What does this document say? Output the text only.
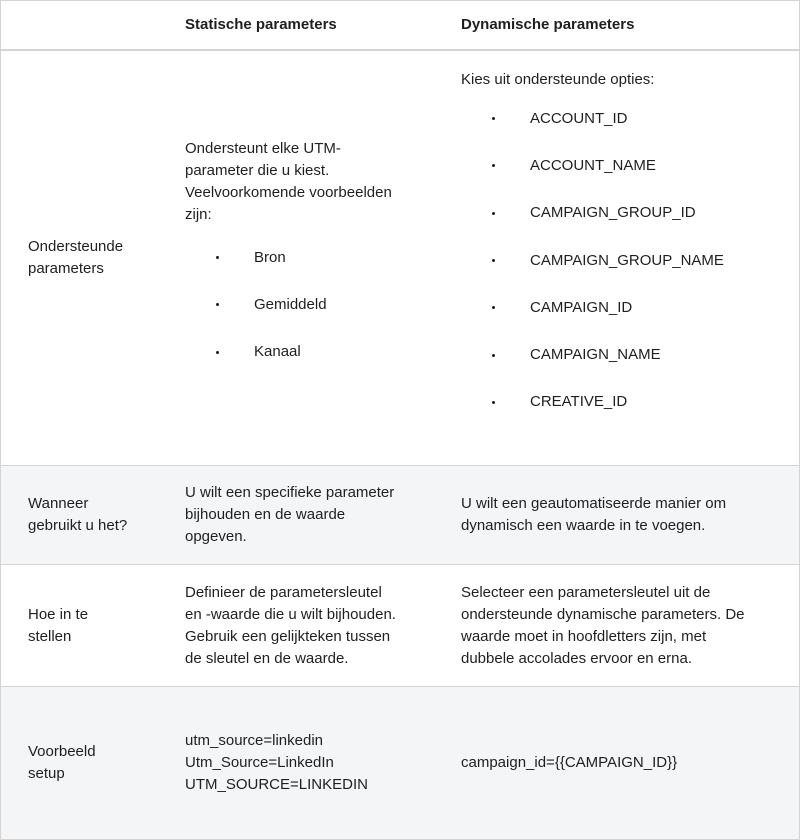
Statische parameters	Dynamische parameters
Ondersteunde
parameters
Ondersteunt elke UTM-
parameter die u kiest.
Veelvoorkomende voorbeelden
zijn:
Bron
Gemiddeld
Kanaal
Kies uit ondersteunde opties:
ACCOUNT_ID
ACCOUNT_NAME
CAMPAIGN_GROUP_ID
CAMPAIGN_GROUP_NAME
CAMPAIGN_ID
CAMPAIGN_NAME
CREATIVE_ID
Wanneer
gebruikt u het?
U wilt een specifieke parameter
bijhouden en de waarde
opgeven.
U wilt een geautomatiseerde manier om
dynamisch een waarde in te voegen.
Hoe in te
stellen
Definieer de parametersleutel
en -waarde die u wilt bijhouden.
Gebruik een gelijkteken tussen
de sleutel en de waarde.
Selecteer een parametersleutel uit de
ondersteunde dynamische parameters. De
waarde moet in hoofdletters zijn, met
dubbele accolades ervoor en erna.
Voorbeeld
setup
utm_source=linkedin
Utm_Source=LinkedIn
UTM_SOURCE=LINKEDIN
campaign_id={{CAMPAIGN_ID}}
